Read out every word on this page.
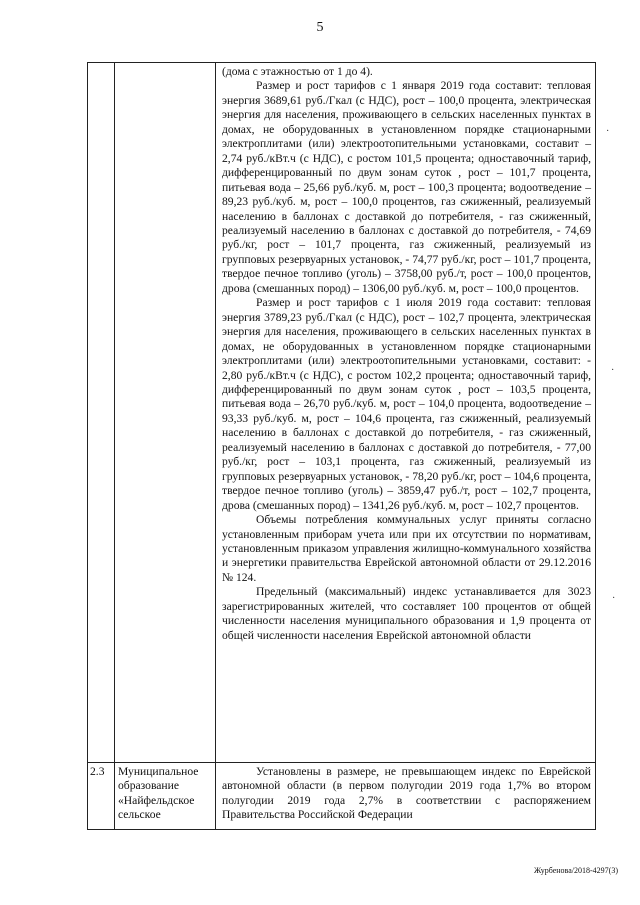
5

		(дома с этажностью от 1 до 4).

Размер и рост тарифов с 1 января 2019 года составит: тепловая энергия 3689,61 руб./Гкал (с НДС), рост – 100,0 процента, электрическая энергия для населения, проживающего в сельских населенных пунктах в домах, не оборудованных в установленном порядке стационарными электроплитами (или) электроотопительными установками, составит – 2,74 руб./кВт.ч (с НДС), с ростом 101,5 процента; одноставочный тариф, дифференцированный по двум зонам суток , рост – 101,7 процента, питьевая вода – 25,66 руб./куб. м, рост – 100,3 процента; водоотведение – 89,23 руб./куб. м, рост – 100,0 процентов, газ сжиженный, реализуемый населению в баллонах с доставкой до потребителя, - газ сжиженный, реализуемый населению в баллонах с доставкой до потребителя, - 74,69 руб./кг, рост – 101,7 процента, газ сжиженный, реализуемый из групповых резервуарных установок, - 74,77 руб./кг, рост – 101,7 процента, твердое печное топливо (уголь) – 3758,00 руб./т, рост – 100,0 процентов, дрова (смешанных пород) – 1306,00 руб./куб. м, рост – 100,0 процентов.

Размер и рост тарифов с 1 июля 2019 года составит: тепловая энергия 3789,23 руб./Гкал (с НДС), рост – 102,7 процента, электрическая энергия для населения, проживающего в сельских населенных пунктах в домах, не оборудованных в установленном порядке стационарными электроплитами (или) электроотопительными установками, составит: - 2,80 руб./кВт.ч (с НДС), с ростом 102,2 процента; одноставочный тариф, дифференцированный по двум зонам суток , рост – 103,5 процента, питьевая вода – 26,70 руб./куб. м, рост – 104,0 процента, водоотведение – 93,33 руб./куб. м, рост – 104,6 процента, газ сжиженный, реализуемый населению в баллонах с доставкой до потребителя, - газ сжиженный, реализуемый населению в баллонах с доставкой до потребителя, - 77,00 руб./кг, рост – 103,1 процента, газ сжиженный, реализуемый из групповых резервуарных установок, - 78,20 руб./кг, рост – 104,6 процента, твердое печное топливо (уголь) – 3859,47 руб./т, рост – 102,7 процента, дрова (смешанных пород) – 1341,26 руб./куб. м, рост – 102,7 процентов.

Объемы потребления коммунальных услуг приняты согласно установленным приборам учета или при их отсутствии по нормативам, установленным приказом управления жилищно-коммунального хозяйства и энергетики правительства Еврейской автономной области от 29.12.2016 № 124.

Предельный (максимальный) индекс устанавливается для 3023 зарегистрированных жителей, что составляет 100 процентов от общей численности населения муниципального образования и 1,9 процента от общей численности населения Еврейской автономной области

2.3	Муниципальное образование «Найфельдское сельское	Установлены в размере, не превышающем индекс по Еврейской автономной области (в первом полугодии 2019 года 1,7% во втором полугодии 2019 года 2,7% в соответствии с распоряжением Правительства Российской Федерации

·
·
·
Журбенова/2018-4297(3)
